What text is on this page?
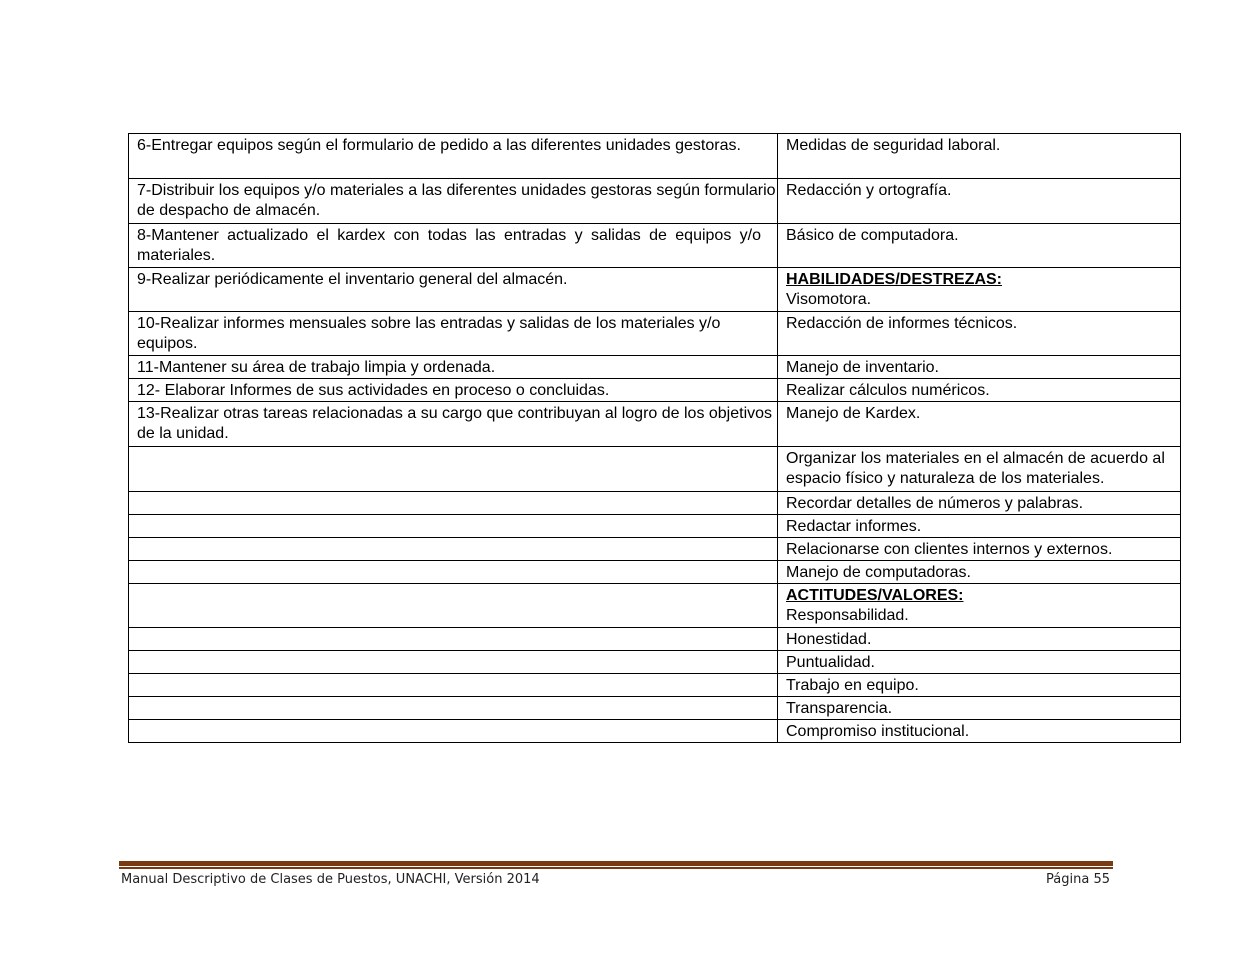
6-Entregar equipos según el formulario de pedido a las diferentes unidades gestoras.	Medidas de seguridad laboral.

7-Distribuir los equipos y/o materiales a las diferentes unidades gestoras según formulario de despacho de almacén.	Redacción y ortografía.

8-Mantener actualizado el kardex con todas las entradas y salidas de equipos y/o materiales.	Básico de computadora.

9-Realizar periódicamente el inventario general del almacén.	HABILIDADES/DESTREZAS:
Visomotora.

10-Realizar informes mensuales sobre las entradas y salidas de los materiales y/o equipos.	Redacción de informes técnicos.

11-Mantener su área de trabajo limpia y ordenada.	Manejo de inventario.

12- Elaborar Informes de sus actividades en proceso o concluidas.	Realizar cálculos numéricos.

13-Realizar otras tareas relacionadas a su cargo que contribuyan al logro de los objetivos de la unidad.	Manejo de Kardex.

	Organizar los materiales en el almacén de acuerdo al espacio físico y naturaleza de los materiales.

	Recordar detalles de números y palabras.

	Redactar informes.

	Relacionarse con clientes internos y externos.

	Manejo de computadoras.

	ACTITUDES/VALORES:
Responsabilidad.

	Honestidad.

	Puntualidad.

	Trabajo en equipo.

	Transparencia.

	Compromiso institucional.
Manual Descriptivo de Clases de Puestos, UNACHI, Versión 2014	Página 55
